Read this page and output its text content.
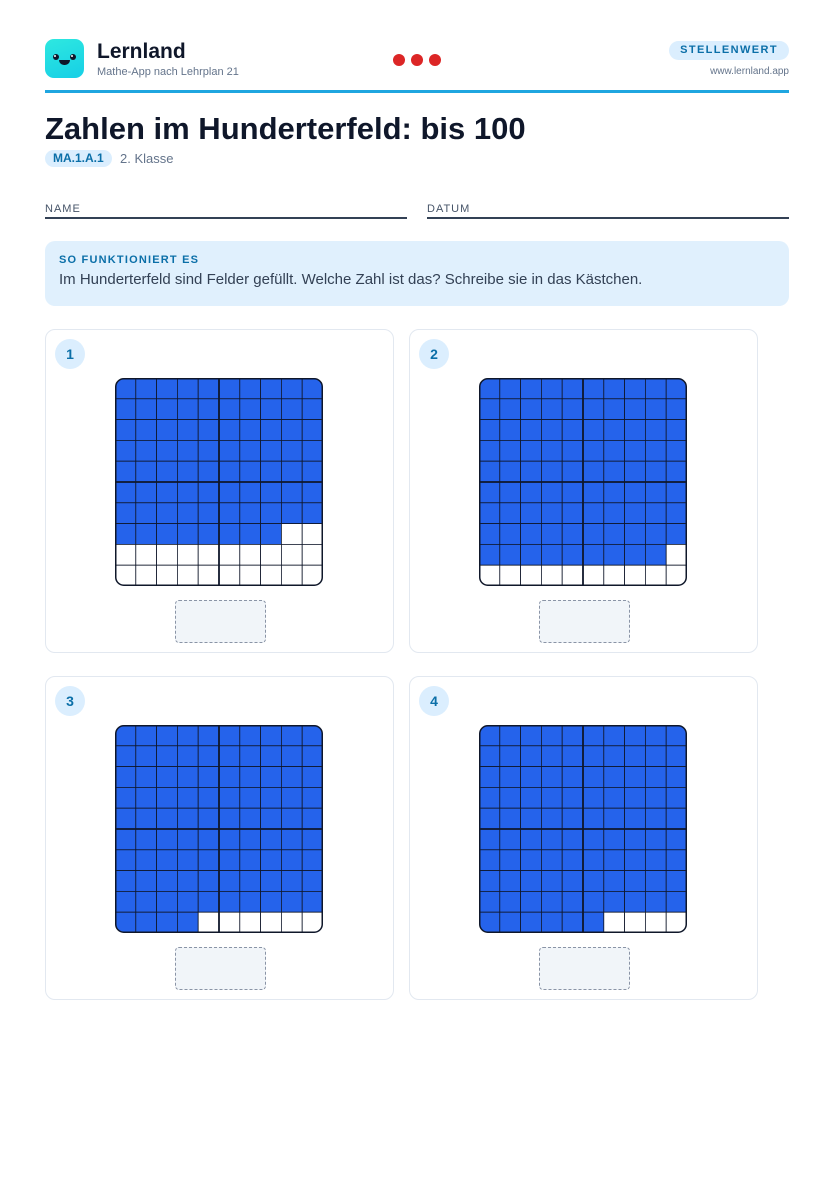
Lernland
Mathe-App nach Lehrplan 21
STELLENWERT
www.lernland.app
Zahlen im Hunderterfeld: bis 100
MA.1.A.1	2. Klasse
NAME	DATUM
SO FUNKTIONIERT ES
Im Hunderterfeld sind Felder gefüllt. Welche Zahl ist das? Schreibe sie in das Kästchen.
1	2
3	4
